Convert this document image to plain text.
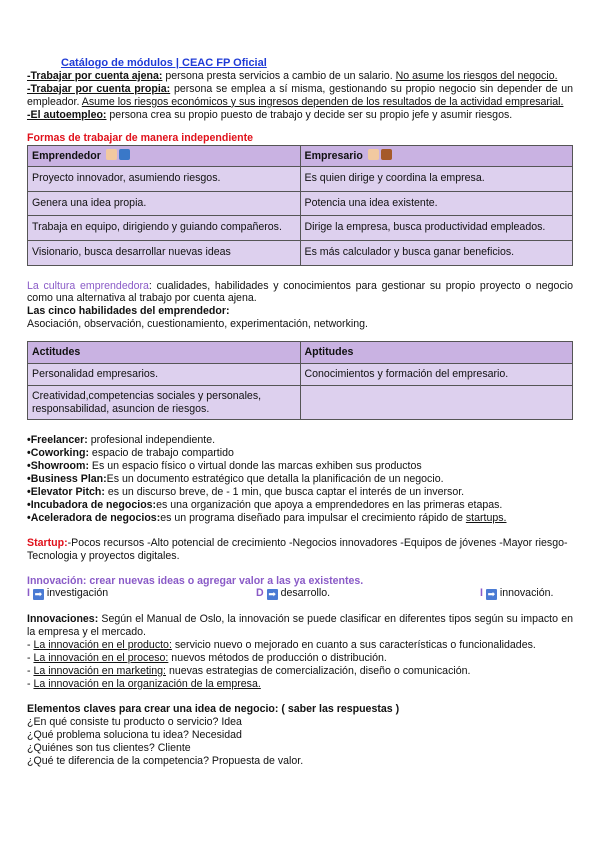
Catálogo de módulos | CEAC FP Oficial

-Trabajar por cuenta ajena: persona presta servicios a cambio de un salario. No asume los riesgos del negocio.

-Trabajar por cuenta propia: persona se emplea a sí misma, gestionando su propio negocio sin depender de un empleador. Asume los riesgos económicos y sus ingresos dependen de los resultados de la actividad empresarial.

-El autoempleo: persona crea su propio puesto de trabajo y decide ser su propio jefe y asumir riesgos.

Formas de trabajar de manera independiente

Emprendedor	Empresario
Proyecto innovador, asumiendo riesgos.	Es quien dirige y coordina la empresa.
Genera una idea propia.	Potencia una idea existente.
Trabaja en equipo, dirigiendo y guiando compañeros.	Dirige la empresa, busca productividad empleados.
Visionario, busca desarrollar nuevas ideas	Es más calculador y busca ganar beneficios.

La cultura emprendedora: cualidades, habilidades y conocimientos para gestionar su propio proyecto o negocio como una alternativa al trabajo por cuenta ajena.

Las cinco habilidades del emprendedor:

Asociación, observación, cuestionamiento, experimentación, networking.

Actitudes	Aptitudes
Personalidad empresarios.	Conocimientos y formación del empresario.
Creatividad,competencias sociales y personales, responsabilidad, asuncion de riesgos.	

•Freelancer: profesional independiente.

•Coworking: espacio de trabajo compartido

•Showroom: Es un espacio físico o virtual donde las marcas exhiben sus productos

•Business Plan:Es un documento estratégico que detalla la planificación de un negocio.

•Elevator Pitch: es un discurso breve, de - 1 min, que busca captar el interés de un inversor.

•Incubadora de negocios:es una organización que apoya a emprendedores en las primeras etapas.

•Aceleradora de negocios:es un programa diseñado para impulsar el crecimiento rápido de startups.

Startup:-Pocos recursos -Alto potencial de crecimiento -Negocios innovadores -Equipos de jóvenes -Mayor riesgo-Tecnologia y proyectos digitales.

Innovación: crear nuevas ideas o agregar valor a las ya existentes.

I ➡ investigación	D ➡ desarrollo.	I ➡ innovación.

Innovaciones: Según el Manual de Oslo, la innovación se puede clasificar en diferentes tipos según su impacto en la empresa y el mercado.

- La innovación en el producto: servicio nuevo o mejorado en cuanto a sus características o funcionalidades.

- La innovación en el proceso: nuevos métodos de producción o distribución.

- La innovación en marketing: nuevas estrategias de comercialización, diseño o comunicación.

- La innovación en la organización de la empresa.

Elementos claves para crear una idea de negocio: ( saber las respuestas )

¿En qué consiste tu producto o servicio? Idea

¿Qué problema soluciona tu idea? Necesidad

¿Quiénes son tus clientes? Cliente

¿Qué te diferencia de la competencia? Propuesta de valor.
